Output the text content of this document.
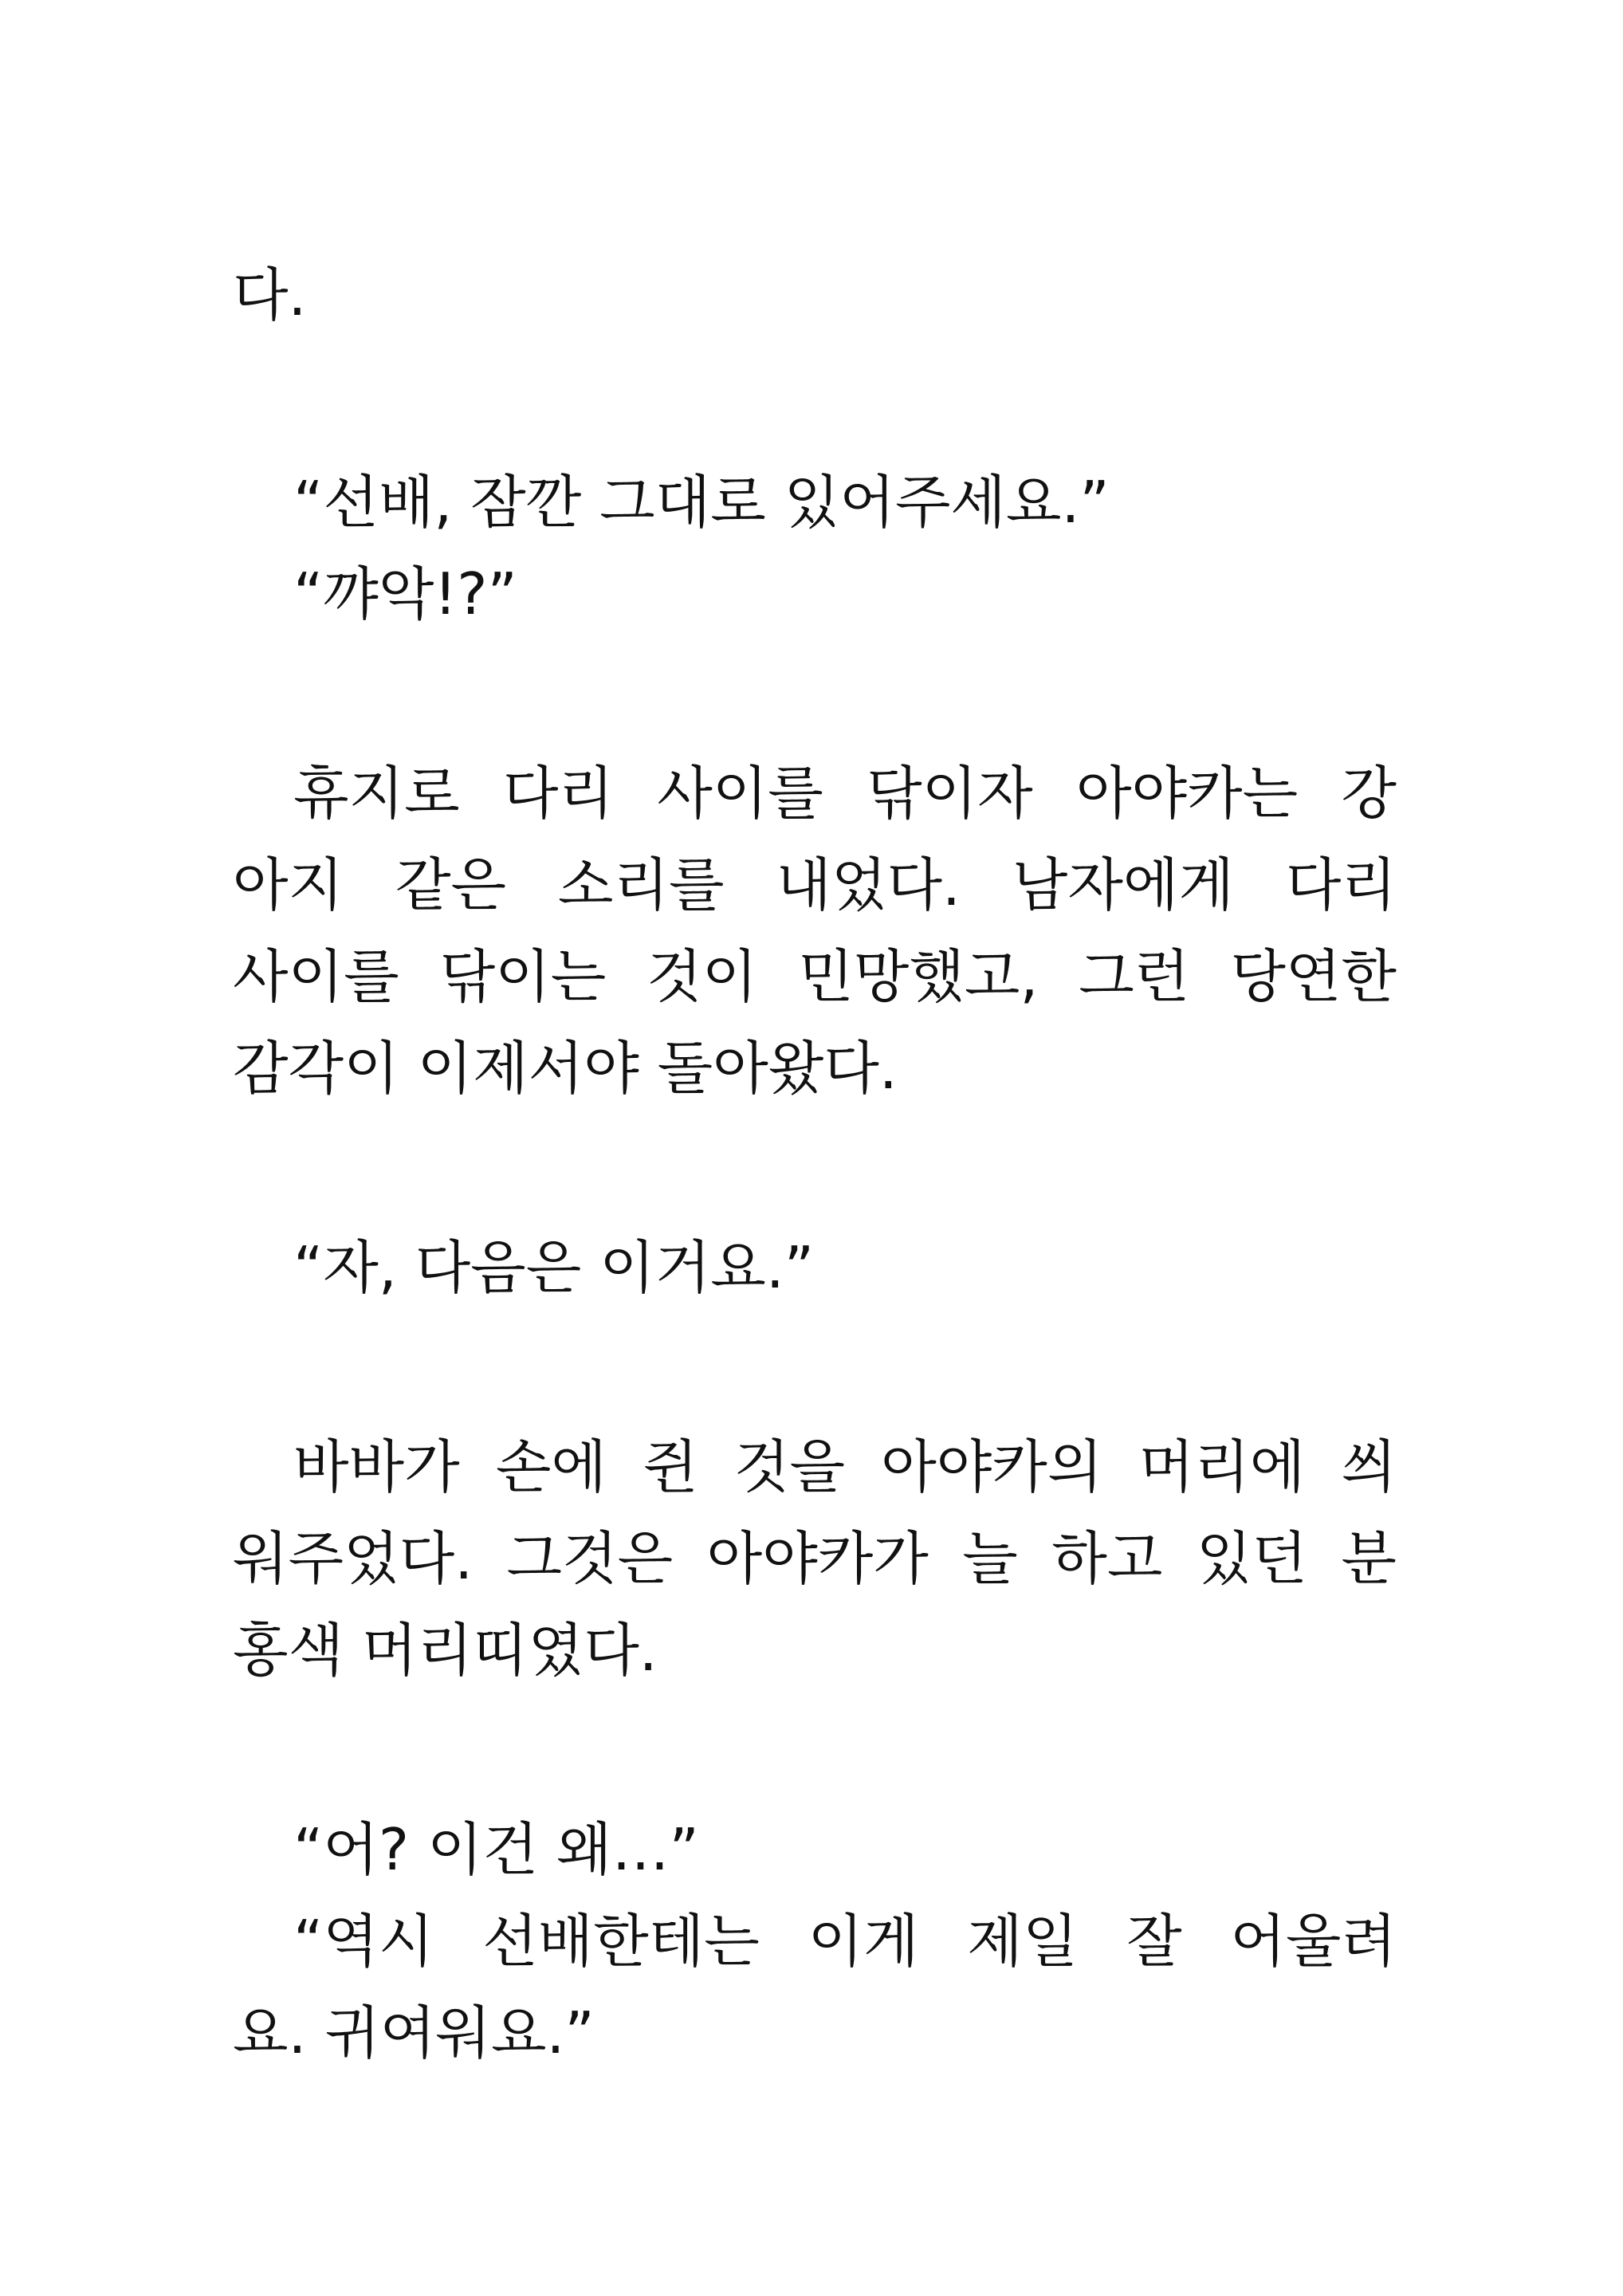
다.
“선배, 잠깐 그대로 있어주세요.”
“꺄악!?”
휴지로 다리 사이를 닦이자 아야카는 강
아지 같은 소리를 내었다. 남자에게 다리
사이를 닦이는 것이 민망했고, 그런 당연한
감각이 이제서야 돌아왔다.
“자, 다음은 이거요.”
바바가 손에 쥔 것을 아야카의 머리에 씌
워주었다. 그것은 아야카가 늘 하고 있던 분
홍색 머리띠였다.
“어? 이건 왜…”
“역시 선배한테는 이게 제일 잘 어울려
요. 귀여워요.”
